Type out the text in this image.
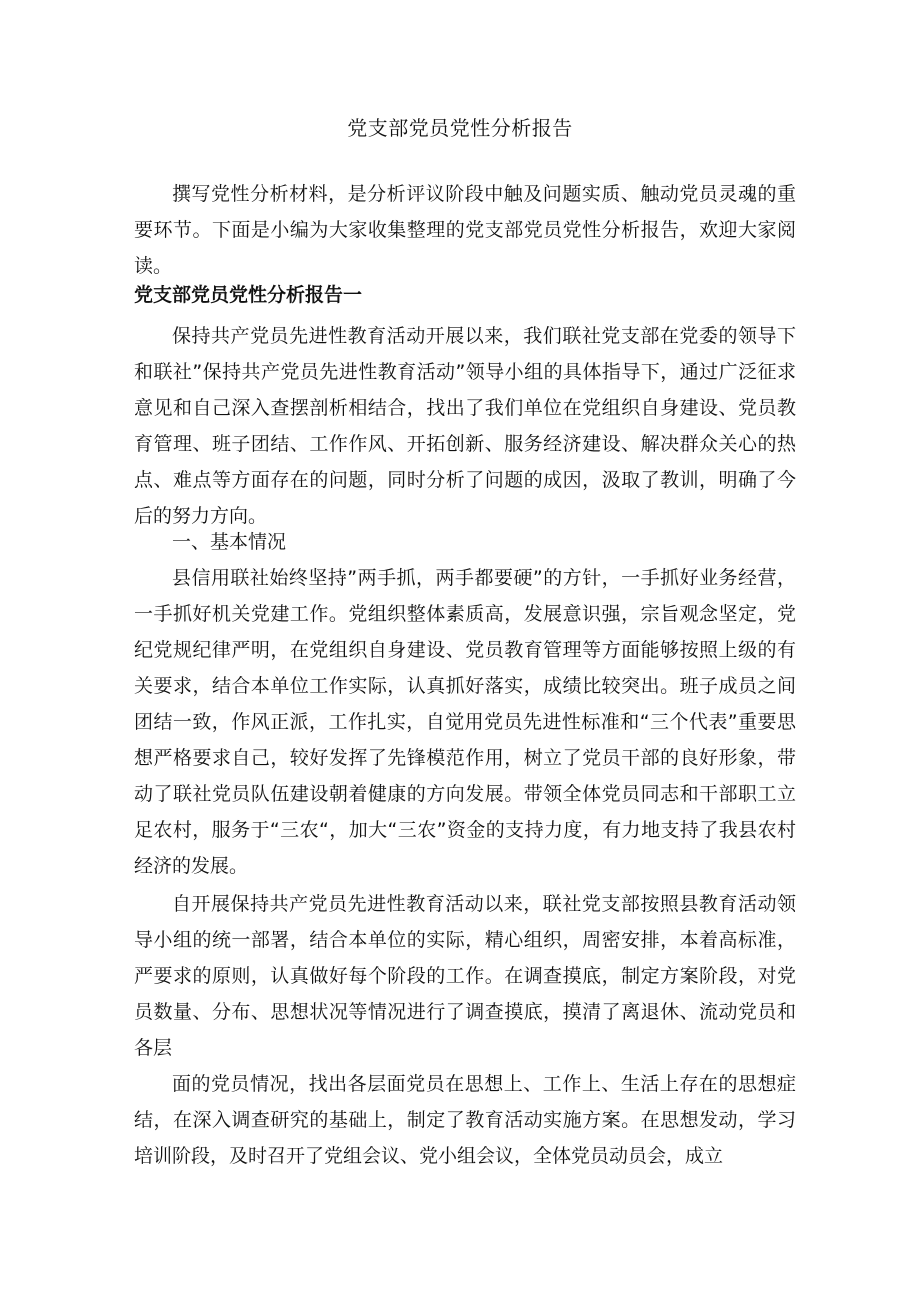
党支部党员党性分析报告

撰写党性分析材料，是分析评议阶段中触及问题实质、触动党员灵魂的重要环节。下面是小编为大家收集整理的党支部党员党性分析报告，欢迎大家阅读。

党支部党员党性分析报告一

保持共产党员先进性教育活动开展以来，我们联社党支部在党委的领导下和联社”保持共产党员先进性教育活动”领导小组的具体指导下，通过广泛征求意见和自己深入查摆剖析相结合，找出了我们单位在党组织自身建设、党员教育管理、班子团结、工作作风、开拓创新、服务经济建设、解决群众关心的热点、难点等方面存在的问题，同时分析了问题的成因，汲取了教训，明确了今后的努力方向。

一、基本情况

县信用联社始终坚持”两手抓，两手都要硬”的方针，一手抓好业务经营，一手抓好机关党建工作。党组织整体素质高，发展意识强，宗旨观念坚定，党纪党规纪律严明，在党组织自身建设、党员教育管理等方面能够按照上级的有关要求，结合本单位工作实际，认真抓好落实，成绩比较突出。班子成员之间团结一致，作风正派，工作扎实，自觉用党员先进性标准和“三个代表”重要思想严格要求自己，较好发挥了先锋模范作用，树立了党员干部的良好形象，带动了联社党员队伍建设朝着健康的方向发展。带领全体党员同志和干部职工立足农村，服务于“三农“，加大“三农”资金的支持力度，有力地支持了我县农村经济的发展。

自开展保持共产党员先进性教育活动以来，联社党支部按照县教育活动领导小组的统一部署，结合本单位的实际，精心组织，周密安排，本着高标准，严要求的原则，认真做好每个阶段的工作。在调查摸底，制定方案阶段，对党员数量、分布、思想状况等情况进行了调查摸底，摸清了离退休、流动党员和各层

面的党员情况，找出各层面党员在思想上、工作上、生活上存在的思想症结，在深入调查研究的基础上，制定了教育活动实施方案。在思想发动，学习培训阶段，及时召开了党组会议、党小组会议，全体党员动员会，成立
